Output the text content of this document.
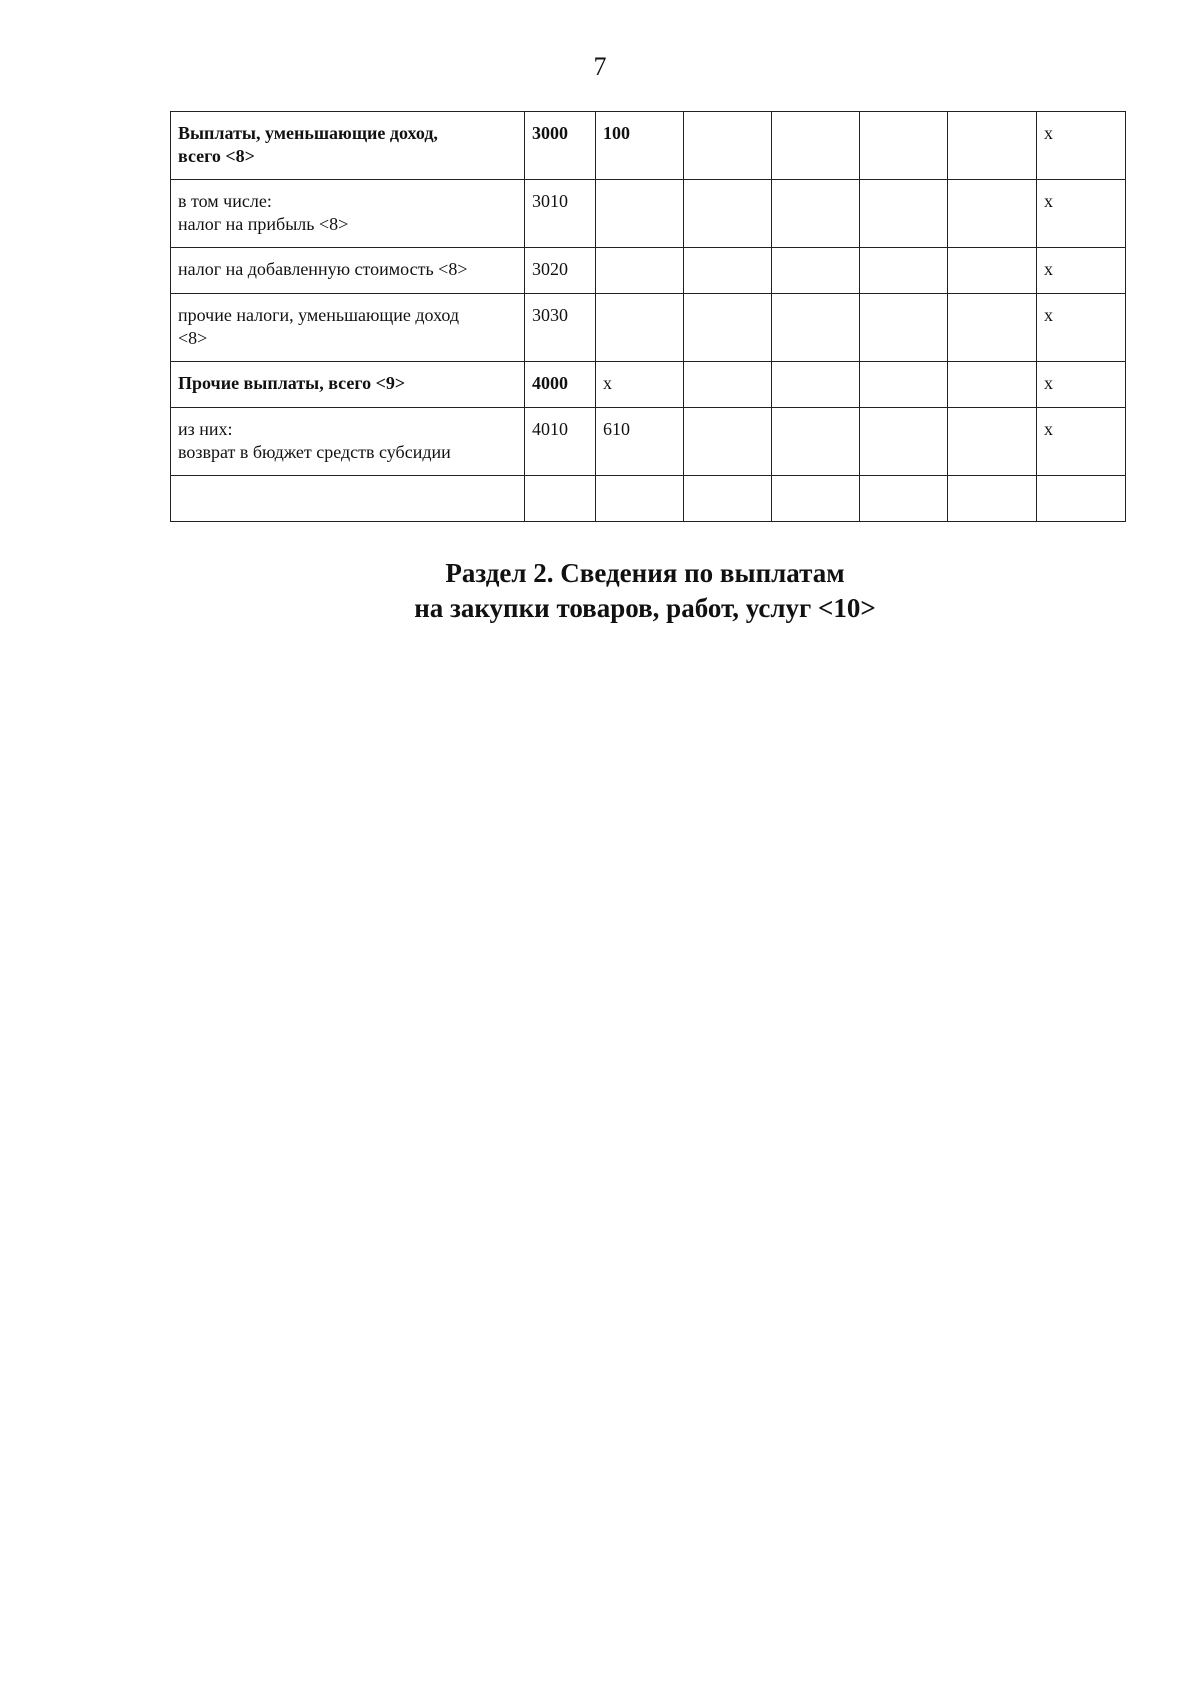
7
Выплаты, уменьшающие доход,
всего <8>	3000	100					х

в том числе:
налог на прибыль <8>	3010						х

налог на добавленную стоимость <8>	3020						х

прочие налоги, уменьшающие доход
<8>	3030						х

Прочие выплаты, всего <9>	4000	х					х

из них:
возврат в бюджет средств субсидии	4010	610					х

Раздел 2. Сведения по выплатам
на закупки товаров, работ, услуг <10>
